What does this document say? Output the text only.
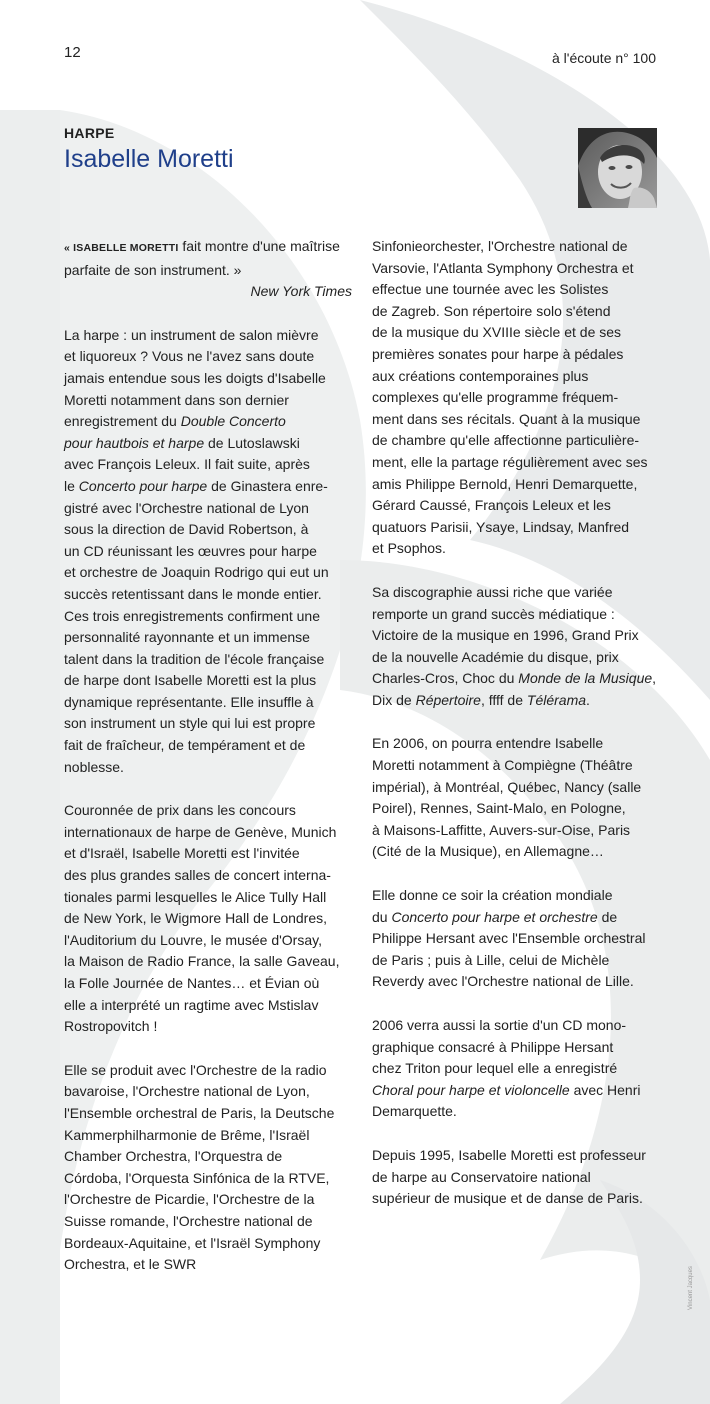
12	à l'écoute n° 100
HARPE
Isabelle Moretti
« ISABELLE MORETTI fait montre d'une maîtrise parfaite de son instrument. »
New York Times

La harpe : un instrument de salon mièvre
et liquoreux ? Vous ne l'avez sans doute
jamais entendue sous les doigts d'Isabelle
Moretti notamment dans son dernier
enregistrement du Double Concerto
pour hautbois et harpe de Lutoslawski
avec François Leleux. Il fait suite, après
le Concerto pour harpe de Ginastera enre-
gistré avec l'Orchestre national de Lyon
sous la direction de David Robertson, à
un CD réunissant les œuvres pour harpe
et orchestre de Joaquin Rodrigo qui eut un
succès retentissant dans le monde entier.
Ces trois enregistrements confirment une
personnalité rayonnante et un immense
talent dans la tradition de l'école française
de harpe dont Isabelle Moretti est la plus
dynamique représentante. Elle insuffle à
son instrument un style qui lui est propre
fait de fraîcheur, de tempérament et de
noblesse.

Couronnée de prix dans les concours
internationaux de harpe de Genève, Munich
et d'Israël, Isabelle Moretti est l'invitée
des plus grandes salles de concert interna-
tionales parmi lesquelles le Alice Tully Hall
de New York, le Wigmore Hall de Londres,
l'Auditorium du Louvre, le musée d'Orsay,
la Maison de Radio France, la salle Gaveau,
la Folle Journée de Nantes… et Évian où
elle a interprété un ragtime avec Mstislav
Rostropovitch !

Elle se produit avec l'Orchestre de la radio
bavaroise, l'Orchestre national de Lyon,
l'Ensemble orchestral de Paris, la Deutsche
Kammerphilharmonie de Brême, l'Israël
Chamber Orchestra, l'Orquestra de
Córdoba, l'Orquesta Sinfónica de la RTVE,
l'Orchestre de Picardie, l'Orchestre de la
Suisse romande, l'Orchestre national de
Bordeaux-Aquitaine, et l'Israël Symphony
Orchestra, et le SWR

Sinfonieorchester, l'Orchestre national de
Varsovie, l'Atlanta Symphony Orchestra et
effectue une tournée avec les Solistes
de Zagreb. Son répertoire solo s'étend
de la musique du XVIIIe siècle et de ses
premières sonates pour harpe à pédales
aux créations contemporaines plus
complexes qu'elle programme fréquem-
ment dans ses récitals. Quant à la musique
de chambre qu'elle affectionne particulière-
ment, elle la partage régulièrement avec ses
amis Philippe Bernold, Henri Demarquette,
Gérard Caussé, François Leleux et les
quatuors Parisii, Ysaye, Lindsay, Manfred
et Psophos.

Sa discographie aussi riche que variée
remporte un grand succès médiatique :
Victoire de la musique en 1996, Grand Prix
de la nouvelle Académie du disque, prix
Charles-Cros, Choc du Monde de la Musique,
Dix de Répertoire, ffff de Télérama.

En 2006, on pourra entendre Isabelle
Moretti notamment à Compiègne (Théâtre
impérial), à Montréal, Québec, Nancy (salle
Poirel), Rennes, Saint-Malo, en Pologne,
à Maisons-Laffitte, Auvers-sur-Oise, Paris
(Cité de la Musique), en Allemagne…

Elle donne ce soir la création mondiale
du Concerto pour harpe et orchestre de
Philippe Hersant avec l'Ensemble orchestral
de Paris ; puis à Lille, celui de Michèle
Reverdy avec l'Orchestre national de Lille.

2006 verra aussi la sortie d'un CD mono-
graphique consacré à Philippe Hersant
chez Triton pour lequel elle a enregistré
Choral pour harpe et violoncelle avec Henri
Demarquette.

Depuis 1995, Isabelle Moretti est professeur
de harpe au Conservatoire national
supérieur de musique et de danse de Paris.

Vincent Jacques
